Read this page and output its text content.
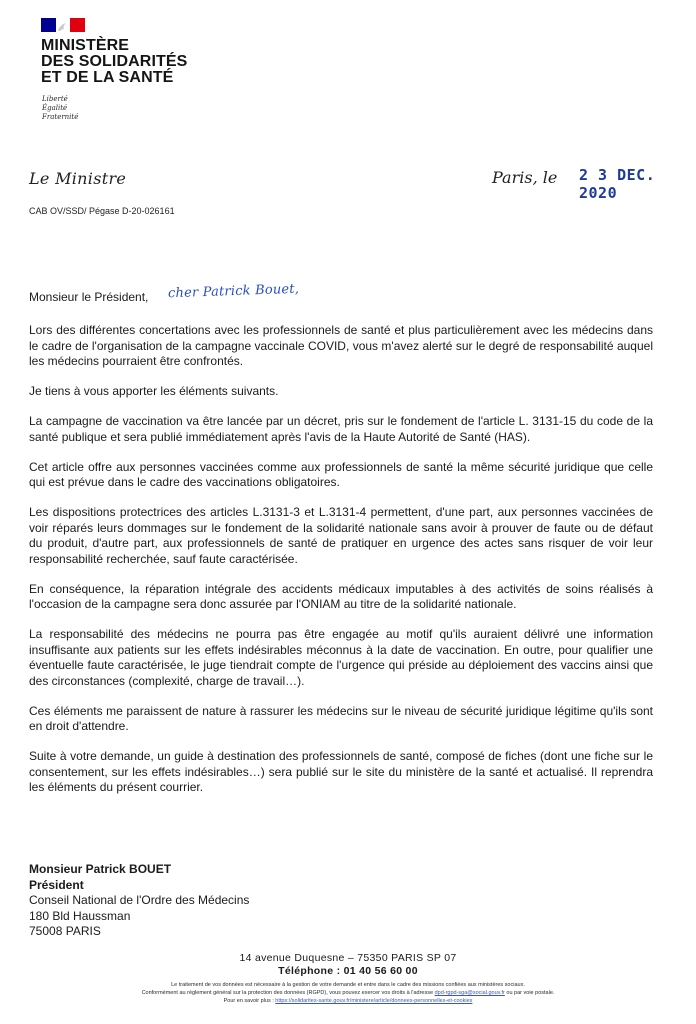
MINISTÈRE
DES SOLIDARITÉS
ET DE LA SANTÉ
Liberté
Égalité
Fraternité
Le Ministre	Paris, le 2 3 DEC. 2020
CAB OV/SSD/ Pégase D-20-026161
Monsieur le Président, cher Patrick Bouet,

Lors des différentes concertations avec les professionnels de santé et plus particulièrement avec les médecins dans le cadre de l'organisation de la campagne vaccinale COVID, vous m'avez alerté sur le degré de responsabilité auquel les médecins pourraient être confrontés.

Je tiens à vous apporter les éléments suivants.

La campagne de vaccination va être lancée par un décret, pris sur le fondement de l'article L. 3131-15 du code de la santé publique et sera publié immédiatement après l'avis de la Haute Autorité de Santé (HAS).

Cet article offre aux personnes vaccinées comme aux professionnels de santé la même sécurité juridique que celle qui est prévue dans le cadre des vaccinations obligatoires.

Les dispositions protectrices des articles L.3131-3 et L.3131-4 permettent, d'une part, aux personnes vaccinées de voir réparés leurs dommages sur le fondement de la solidarité nationale sans avoir à prouver de faute ou de défaut du produit, d'autre part, aux professionnels de santé de pratiquer en urgence des actes sans risquer de voir leur responsabilité recherchée, sauf faute caractérisée.

En conséquence, la réparation intégrale des accidents médicaux imputables à des activités de soins réalisés à l'occasion de la campagne sera donc assurée par l'ONIAM au titre de la solidarité nationale.

La responsabilité des médecins ne pourra pas être engagée au motif qu'ils auraient délivré une information insuffisante aux patients sur les effets indésirables méconnus à la date de vaccination. En outre, pour qualifier une éventuelle faute caractérisée, le juge tiendrait compte de l'urgence qui préside au déploiement des vaccins ainsi que des circonstances (complexité, charge de travail…).

Ces éléments me paraissent de nature à rassurer les médecins sur le niveau de sécurité juridique légitime qu'ils sont en droit d'attendre.

Suite à votre demande, un guide à destination des professionnels de santé, composé de fiches (dont une fiche sur le consentement, sur les effets indésirables…) sera publié sur le site du ministère de la santé et actualisé. Il reprendra les éléments du présent courrier.

Monsieur Patrick BOUET
Président
Conseil National de l'Ordre des Médecins
180 Bld Haussman
75008 PARIS
14 avenue Duquesne – 75350 PARIS SP 07
Téléphone : 01 40 56 60 00
Le traitement de vos données est nécessaire à la gestion de votre demande et entre dans le cadre des missions confiées aux ministères sociaux.
Conformément au règlement général sur la protection des données (RGPD), vous pouvez exercer vos droits à l'adresse dpd-rgpd-sga@social.gouv.fr ou par voie postale.
Pour en savoir plus : https://solidarites-sante.gouv.fr/ministere/article/donnees-personnelles-et-cookies
